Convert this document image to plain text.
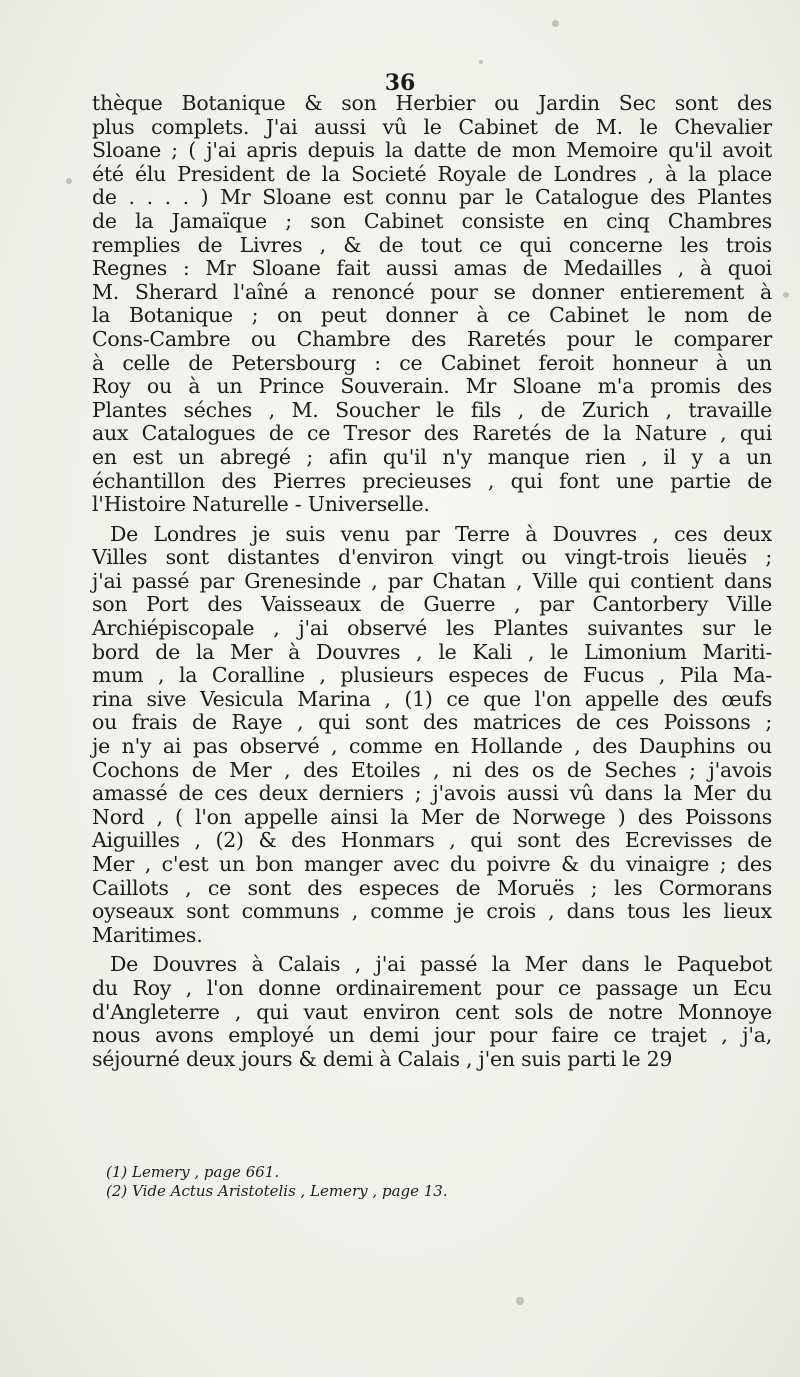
36
thèque Botanique & son Herbier ou Jardin Sec sont des
plus complets. J'ai aussi vû le Cabinet de M. le Chevalier
Sloane ; ( j'ai apris depuis la datte de mon Memoire qu'il avoit
été élu President de la Societé Royale de Londres , à la place
de . . . . ) Mr Sloane est connu par le Catalogue des Plantes
de la Jamaïque ; son Cabinet consiste en cinq Chambres
remplies de Livres , & de tout ce qui concerne les trois
Regnes : Mr Sloane fait aussi amas de Medailles , à quoi
M. Sherard l'aîné a renoncé pour se donner entierement à
la Botanique ; on peut donner à ce Cabinet le nom de
Cons-Cambre ou Chambre des Raretés pour le comparer
à celle de Petersbourg : ce Cabinet feroit honneur à un
Roy ou à un Prince Souverain. Mr Sloane m'a promis des
Plantes séches , M. Soucher le fils , de Zurich , travaille
aux Catalogues de ce Tresor des Raretés de la Nature , qui
en est un abregé ; afin qu'il n'y manque rien , il y a un
échantillon des Pierres precieuses , qui font une partie de
l'Histoire Naturelle - Universelle.
De Londres je suis venu par Terre à Douvres , ces deux
Villes sont distantes d'environ vingt ou vingt-trois lieuës ;
j'ai passé par Grenesinde , par Chatan , Ville qui contient dans
son Port des Vaisseaux de Guerre , par Cantorbery Ville
Archiépiscopale , j'ai observé les Plantes suivantes sur le
bord de la Mer à Douvres , le Kali , le Limonium Mariti-
mum , la Coralline , plusieurs especes de Fucus , Pila Ma-
rina sive Vesicula Marina , (1) ce que l'on appelle des œufs
ou frais de Raye , qui sont des matrices de ces Poissons ;
je n'y ai pas observé , comme en Hollande , des Dauphins ou
Cochons de Mer , des Etoiles , ni des os de Seches ; j'avois
amassé de ces deux derniers ; j'avois aussi vû dans la Mer du
Nord , ( l'on appelle ainsi la Mer de Norwege ) des Poissons
Aiguilles , (2) & des Honmars , qui sont des Ecrevisses de
Mer , c'est un bon manger avec du poivre & du vinaigre ; des
Caillots , ce sont des especes de Moruës ; les Cormorans
oyseaux sont communs , comme je crois , dans tous les lieux
Maritimes.
De Douvres à Calais , j'ai passé la Mer dans le Paquebot
du Roy , l'on donne ordinairement pour ce passage un Ecu
d'Angleterre , qui vaut environ cent sols de notre Monnoye
nous avons employé un demi jour pour faire ce trajet , j'a,
séjourné deux jours & demi à Calais , j'en suis parti le 29
(1) Lemery , page 661.
(2) Vide Actus Aristotelis , Lemery , page 13.
